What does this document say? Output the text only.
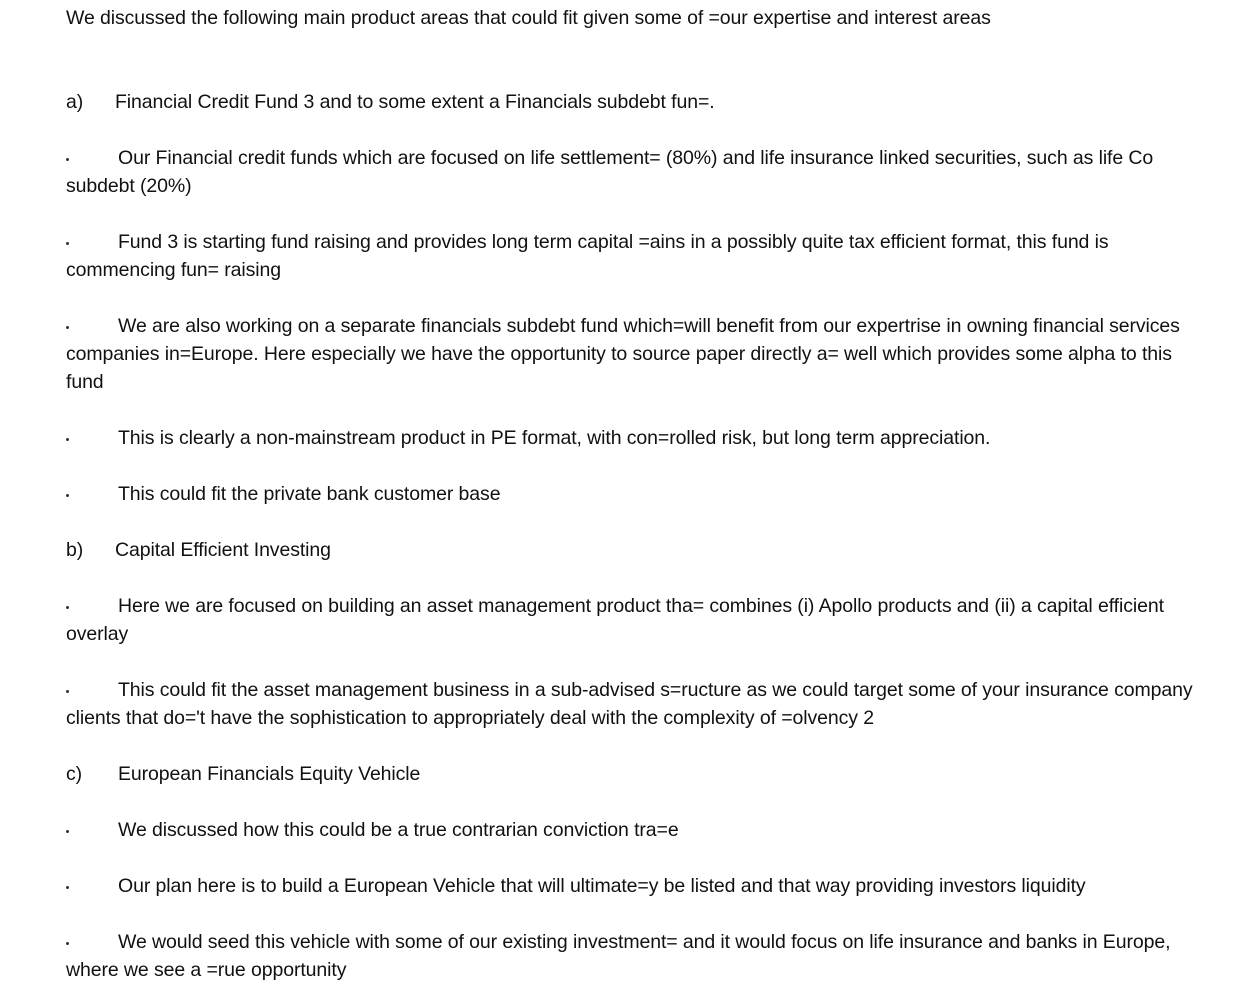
We discussed the following main product areas that could fit given some of =our expertise and interest areas
a) Financial Credit Fund 3 and to some extent a Financials subdebt fun=.
Our Financial credit funds which are focused on life settlement= (80%) and life insurance linked securities, such as life Co subdebt (20%)
Fund 3 is starting fund raising and provides long term capital =ains in a possibly quite tax efficient format, this fund is commencing fun= raising
We are also working on a separate financials subdebt fund which=will benefit from our expertrise in owning financial services companies in=Europe. Here especially we have the opportunity to source paper directly a= well which provides some alpha to this fund
This is clearly a non-mainstream product in PE format, with con=rolled risk, but long term appreciation.
This could fit the private bank customer base
b) Capital Efficient Investing
Here we are focused on building an asset management product tha= combines (i) Apollo products and (ii) a capital efficient overlay
This could fit the asset management business in a sub-advised s=ructure as we could target some of your insurance company clients that do='t have the sophistication to appropriately deal with the complexity of =olvency 2
c) European Financials Equity Vehicle
We discussed how this could be a true contrarian conviction tra=e
Our plan here is to build a European Vehicle that will ultimate=y be listed and that way providing investors liquidity
We would seed this vehicle with some of our existing investment= and it would focus on life insurance and banks in Europe, where we see a =rue opportunity
